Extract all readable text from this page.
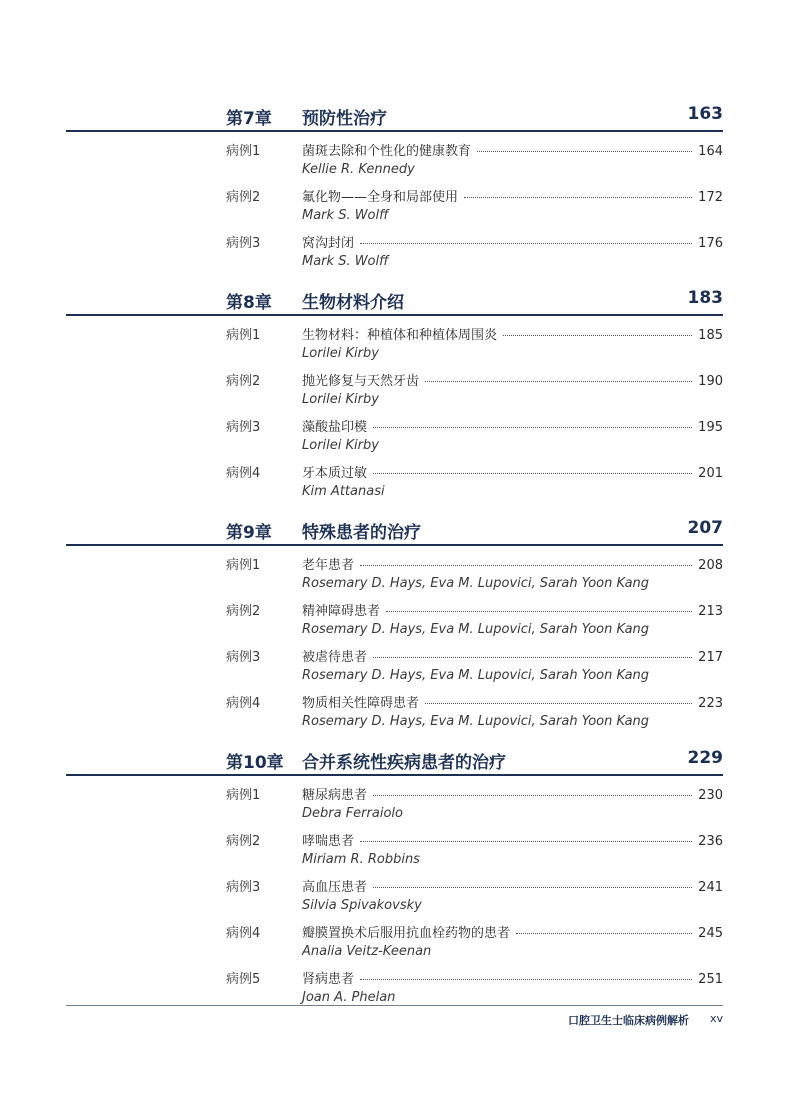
第7章 预防性治疗	163
病例1	菌斑去除和个性化的健康教育	164
Kellie R. Kennedy
病例2	氟化物——全身和局部使用	172
Mark S. Wolff
病例3	窝沟封闭	176
Mark S. Wolff
第8章 生物材料介绍	183
病例1	生物材料：种植体和种植体周围炎	185
Lorilei Kirby
病例2	抛光修复与天然牙齿	190
Lorilei Kirby
病例3	藻酸盐印模	195
Lorilei Kirby
病例4	牙本质过敏	201
Kim Attanasi
第9章 特殊患者的治疗	207
病例1	老年患者	208
Rosemary D. Hays, Eva M. Lupovici, Sarah Yoon Kang
病例2	精神障碍患者	213
Rosemary D. Hays, Eva M. Lupovici, Sarah Yoon Kang
病例3	被虐待患者	217
Rosemary D. Hays, Eva M. Lupovici, Sarah Yoon Kang
病例4	物质相关性障碍患者	223
Rosemary D. Hays, Eva M. Lupovici, Sarah Yoon Kang
第10章 合并系统性疾病患者的治疗	229
病例1	糖尿病患者	230
Debra Ferraiolo
病例2	哮喘患者	236
Miriam R. Robbins
病例3	高血压患者	241
Silvia Spivakovsky
病例4	瓣膜置换术后服用抗血栓药物的患者	245
Analia Veitz-Keenan
病例5	肾病患者	251
Joan A. Phelan
口腔卫生士临床病例解析 xv
